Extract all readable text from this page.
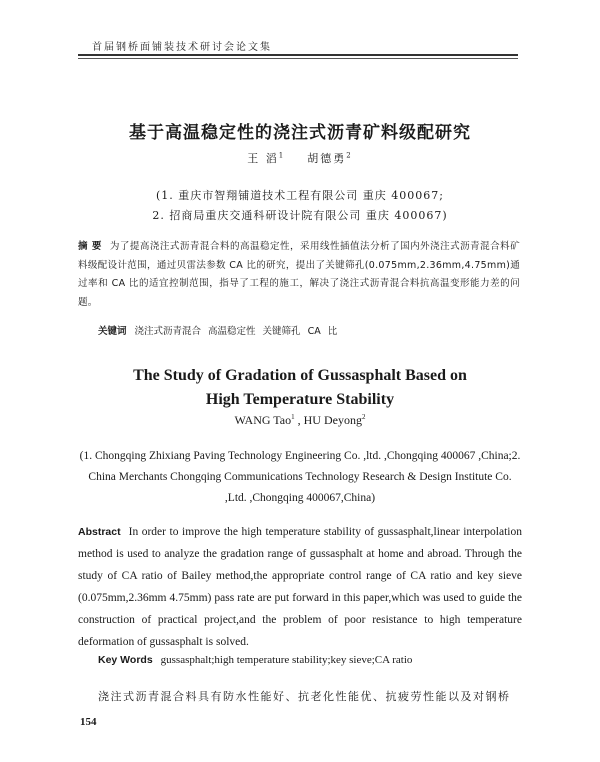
首届钢桥面铺装技术研讨会论文集
基于高温稳定性的浇注式沥青矿料级配研究
王 滔$^1$ 胡德勇$^2$
(1. 重庆市智翔铺道技术工程有限公司 重庆 400067;
2. 招商局重庆交通科研设计院有限公司 重庆 400067)
摘 要 为了提高浇注式沥青混合料的高温稳定性，采用线性插值法分析了国内外浇注式沥青混合料矿料级配设计范围，通过贝雷法参数 CA 比的研究，提出了关键筛孔(0.075mm,2.36mm,4.75mm)通过率和 CA 比的适宜控制范围，指导了工程的施工，解决了浇注式沥青混合料抗高温变形能力差的问题。
关键词 浇注式沥青混合 高温稳定性 关键筛孔 CA 比
The Study of Gradation of Gussasphalt Based on
High Temperature Stability
WANG Tao$^1$ , HU Deyong$^2$
(1. Chongqing Zhixiang Paving Technology Engineering Co. ,ltd. ,Chongqing 400067 ,China;2. China Merchants Chongqing Communications Technology Research & Design Institute Co. ,Ltd. ,Chongqing 400067,China)
Abstract In order to improve the high temperature stability of gussasphalt,linear interpolation method is used to analyze the gradation range of gussasphalt at home and abroad. Through the study of CA ratio of Bailey method,the appropriate control range of CA ratio and key sieve (0.075mm,2.36mm 4.75mm) pass rate are put forward in this paper,which was used to guide the construction of practical project,and the problem of poor resistance to high temperature deformation of gussasphalt is solved.
Key Words gussasphalt;high temperature stability;key sieve;CA ratio
浇注式沥青混合料具有防水性能好、抗老化性能优、抗疲劳性能以及对钢桥
154
